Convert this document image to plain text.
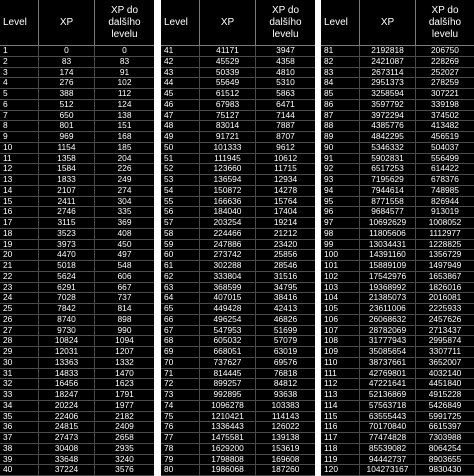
Level	XP
XP do
dalšího
levelu
1	0	0
2	83	83
3	174	91
4	276	102
5	388	112
6	512	124
7	650	138
8	801	151
9	969	168
10	1154	185
11	1358	204
12	1584	226
13	1833	249
14	2107	274
15	2411	304
16	2746	335
17	3115	369
18	3523	408
19	3973	450
20	4470	497
21	5018	548
22	5624	606
23	6291	667
24	7028	737
25	7842	814
26	8740	898
27	9730	990
28	10824	1094
29	12031	1207
30	13363	1332
31	14833	1470
32	16456	1623
33	18247	1791
34	20224	1977
35	22406	2182
36	24815	2409
37	27473	2658
38	30408	2935
39	33648	3240
40	37224	3576
Level	XP
XP do
dalšího
levelu
41	41171	3947
42	45529	4358
43	50339	4810
44	55649	5310
45	61512	5863
46	67983	6471
47	75127	7144
48	83014	7887
49	91721	8707
50	101333	9612
51	111945	10612
52	123660	11715
53	136594	12934
54	150872	14278
55	166636	15764
56	184040	17404
57	203254	19214
58	224466	21212
59	247886	23420
60	273742	25856
61	302288	28546
62	333804	31516
63	368599	34795
64	407015	38416
65	449428	42413
66	496254	46826
67	547953	51699
68	605032	57079
69	668051	63019
70	737627	69576
71	814445	76818
72	899257	84812
73	992895	93638
74	1096278	103383
75	1210421	114143
76	1336443	126022
77	1475581	139138
78	1629200	153619
79	1798808	169608
80	1986068	187260
Level	XP
XP do
dalšího
levelu
81	2192818	206750
82	2421087	228269
83	2673114	252027
84	2951373	278259
85	3258594	307221
86	3597792	339198
87	3972294	374502
88	4385776	413482
89	4842295	456519
90	5346332	504037
91	5902831	556499
92	6517253	614422
93	7195629	678376
94	7944614	748985
95	8771558	826944
96	9684577	913019
97	10692629	1008052
98	11805606	1112977
99	13034431	1228825
100	14391160	1356729
101	15889109	1497949
102	17542976	1653867
103	19368992	1826016
104	21385073	2016081
105	23611006	2225933
106	26068632	2457626
107	28782069	2713437
108	31777943	2995874
109	35085654	3307711
110	38737661	3652007
111	42769801	4032140
112	47221641	4451840
113	52136869	4915228
114	57563718	5426849
115	63555443	5991725
116	70170840	6615397
117	77474828	7303988
118	85539082	8064254
119	94442737	8903655
120	104273167	9830430
